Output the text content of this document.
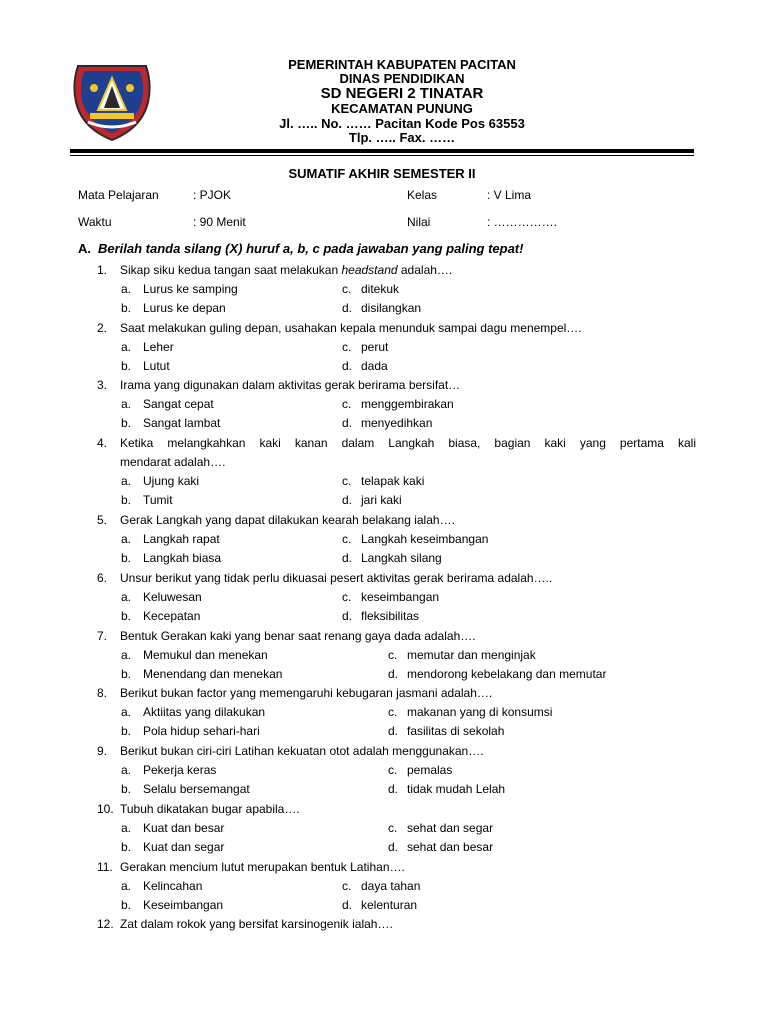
PEMERINTAH KABUPATEN PACITAN
DINAS PENDIDIKAN
SD NEGERI 2 TINATAR
KECAMATAN PUNUNG
Jl. ….. No. …… Pacitan Kode Pos 63553
Tlp. ….. Fax. ……
SUMATIF AKHIR SEMESTER II
Mata Pelajaran	: PJOK	Kelas	: V Lima
Waktu	: 90 Menit	Nilai	: …………….
A. Berilah tanda silang (X) huruf a, b, c pada jawaban yang paling tepat!
1.	Sikap siku kedua tangan saat melakukan headstand adalah….
a. Lurus ke samping	c. ditekuk
b. Lurus ke depan	d. disilangkan
2.	Saat melakukan guling depan, usahakan kepala menunduk sampai dagu menempel….
a. Leher	c. perut
b. Lutut	d. dada
3.	Irama yang digunakan dalam aktivitas gerak berirama bersifat…
a. Sangat cepat	c. menggembirakan
b. Sangat lambat	d. menyedihkan
4.	Ketika melangkahkan kaki kanan dalam Langkah biasa, bagian kaki yang pertama kali
mendarat adalah….
a. Ujung kaki	c. telapak kaki
b. Tumit	d. jari kaki
5.	Gerak Langkah yang dapat dilakukan kearah belakang ialah….
a. Langkah rapat	c. Langkah keseimbangan
b. Langkah biasa	d. Langkah silang
6.	Unsur berikut yang tidak perlu dikuasai pesert aktivitas gerak berirama adalah…..
a. Keluwesan	c. keseimbangan
b. Kecepatan	d. fleksibilitas
7.	Bentuk Gerakan kaki yang benar saat renang gaya dada adalah….
a. Memukul dan menekan	c. memutar dan menginjak
b. Menendang dan menekan	d. mendorong kebelakang dan memutar
8.	Berikut bukan factor yang memengaruhi kebugaran jasmani adalah….
a. Aktiitas yang dilakukan	c. makanan yang di konsumsi
b. Pola hidup sehari-hari	d. fasilitas di sekolah
9.	Berikut bukan ciri-ciri Latihan kekuatan otot adalah menggunakan….
a. Pekerja keras	c. pemalas
b. Selalu bersemangat	d. tidak mudah Lelah
10. Tubuh dikatakan bugar apabila….
a. Kuat dan besar	c. sehat dan segar
b. Kuat dan segar	d. sehat dan besar
11. Gerakan mencium lutut merupakan bentuk Latihan….
a. Kelincahan	c. daya tahan
b. Keseimbangan	d. kelenturan
12. Zat dalam rokok yang bersifat karsinogenik ialah….
